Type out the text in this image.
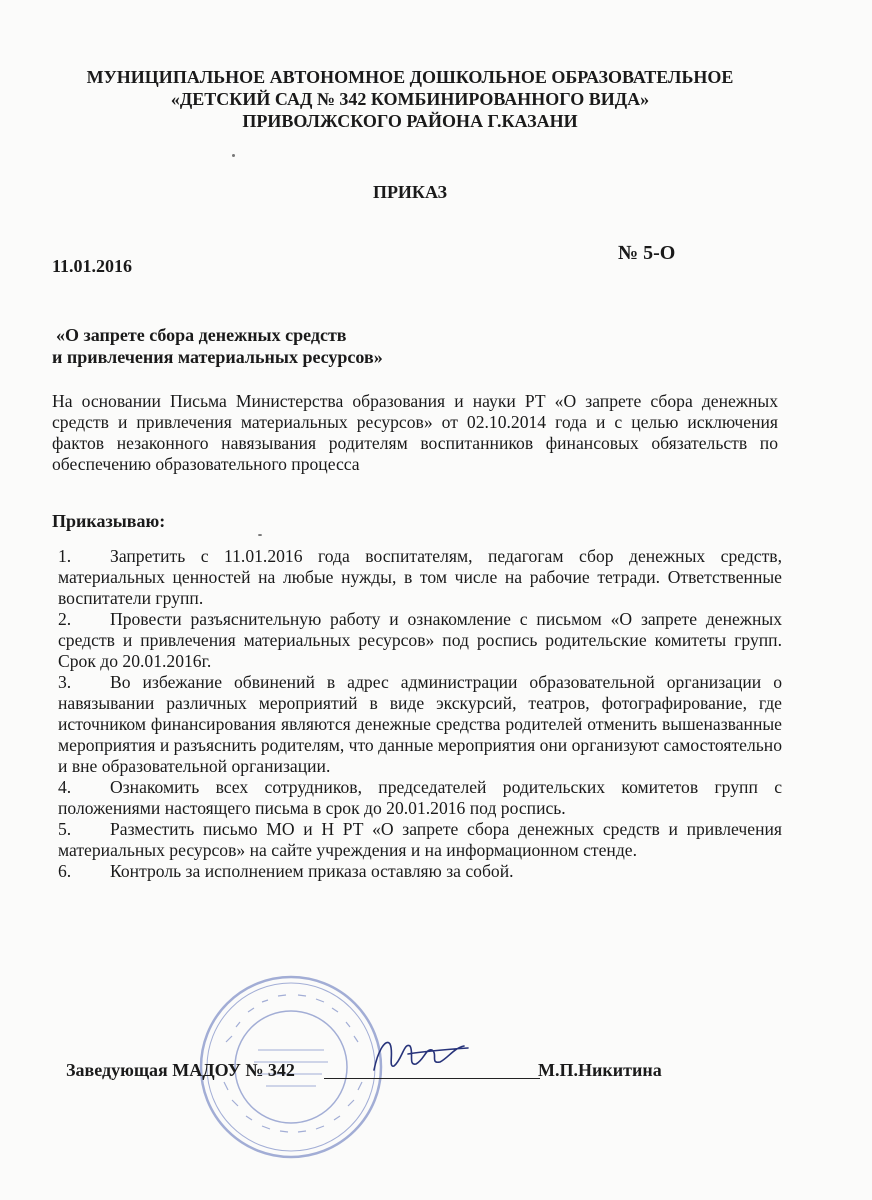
МУНИЦИПАЛЬНОЕ АВТОНОМНОЕ ДОШКОЛЬНОЕ ОБРАЗОВАТЕЛЬНОЕ
«ДЕТСКИЙ САД № 342 КОМБИНИРОВАННОГО ВИДА»
ПРИВОЛЖСКОГО РАЙОНА Г.КАЗАНИ
ПРИКАЗ
11.01.2016
№ 5-О
«О запрете сбора денежных средств
и привлечения материальных ресурсов»
На основании Письма Министерства образования и науки РТ «О запрете сбора денежных средств и привлечения материальных ресурсов» от 02.10.2014 года и с целью исключения фактов незаконного навязывания родителям воспитанников финансовых обязательств по обеспечению образовательного процесса
Приказываю:
1. Запретить с 11.01.2016 года воспитателям, педагогам сбор денежных средств, материальных ценностей на любые нужды, в том числе на рабочие тетради. Ответственные воспитатели групп.
2. Провести разъяснительную работу и ознакомление с письмом «О запрете денежных средств и привлечения материальных ресурсов» под роспись родительские комитеты групп. Срок до 20.01.2016г.
3. Во избежание обвинений в адрес администрации образовательной организации о навязывании различных мероприятий в виде экскурсий, театров, фотографирование, где источником финансирования являются денежные средства родителей отменить вышеназванные мероприятия и разъяснить родителям, что данные мероприятия они организуют самостоятельно и вне образовательной организации.
4. Ознакомить всех сотрудников, председателей родительских комитетов групп с положениями настоящего письма в срок до 20.01.2016 под роспись.
5. Разместить письмо МО и Н РТ «О запрете сбора денежных средств и привлечения материальных ресурсов» на сайте учреждения и на информационном стенде.
6. Контроль за исполнением приказа оставляю за собой.
Заведующая МАДОУ № 342	М.П.Никитина
